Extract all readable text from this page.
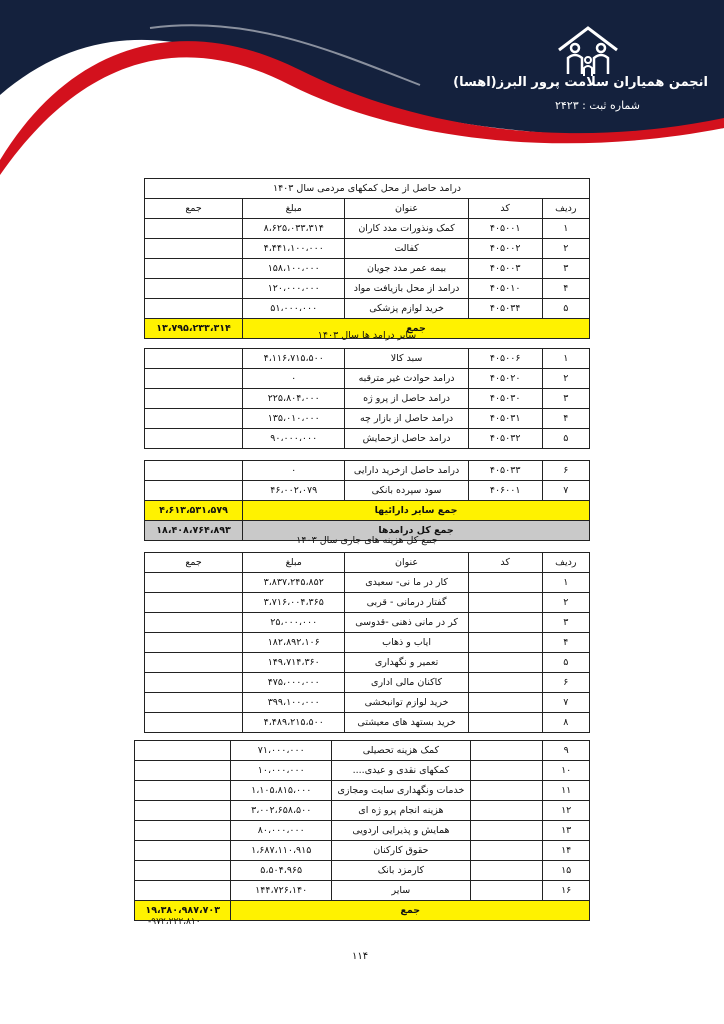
انجمن همیاران سلامت پرور البرز(اهسا)
شماره ثبت : ۲۴۲۳
درامد حاصل از محل کمکهای مردمی سال ۱۴۰۳				
ردیف	کد	عنوان	مبلغ	جمع
۱	۴۰۵۰۰۱	کمک ونذورات مدد کاران	۸،۶۲۵،۰۳۳،۳۱۴	
۲	۴۰۵۰۰۲	کفالت	۴،۴۴۱،۱۰۰،۰۰۰	
۳	۴۰۵۰۰۳	بیمه عمر مدد جویان	۱۵۸،۱۰۰،۰۰۰	
۴	۴۰۵۰۱۰	درامد از محل بازیافت مواد	۱۲۰،۰۰۰،۰۰۰	
۵	۴۰۵۰۳۴	خرید لوازم پزشکی	۵۱،۰۰۰،۰۰۰	
جمع				۱۳،۷۹۵،۲۳۳،۳۱۴
سایر درامد ها سال ۱۴۰۳
۱	۴۰۵۰۰۶	سبد کالا	۴،۱۱۶،۷۱۵،۵۰۰	
۲	۴۰۵۰۲۰	درامد حوادث غیر مترقبه	۰	
۳	۴۰۵۰۳۰	درامد حاصل از پرو ژه	۲۲۵،۸۰۴،۰۰۰	
۴	۴۰۵۰۳۱	درامد حاصل از بازار چه	۱۳۵،۰۱۰،۰۰۰	
۵	۴۰۵۰۳۲	درامد حاصل ازحمایش	۹۰،۰۰۰،۰۰۰	
۶	۴۰۵۰۳۳	درامد حاصل ازخرید دارایی	۰	
۷	۴۰۶۰۰۱	سود سپرده بانکی	۴۶،۰۰۲،۰۷۹	
جمع سایر دارائیها				۴،۶۱۳،۵۳۱،۵۷۹
جمع کل درامدها				۱۸،۴۰۸،۷۶۴،۸۹۳
جمع کل هزینه های جاری سال ۱۴۰۳
ردیف	کد	عنوان	مبلغ	جمع
۱		کار در ما نی- سعیدی	۳،۸۳۷،۲۴۵،۸۵۲	
۲		گفتار درمانی - قربی	۳،۷۱۶،۰۰۴،۳۶۵	
۳		کر در مانی ذهنی -قدوسی	۲۵،۰۰۰،۰۰۰	
۴		ایاب و ذهاب	۱۸۲،۸۹۲،۱۰۶	
۵		تعمیر و نگهداری	۱۴۹،۷۱۴،۳۶۰	
۶		کاکنان مالی اداری	۴۷۵،۰۰۰،۰۰۰	
۷		خرید لوازم توانبخشی	۳۹۹،۱۰۰،۰۰۰	
۸		خرید بستهد های معیشتی	۴،۴۸۹،۲۱۵،۵۰۰	
۹		کمک هزینه تحصیلی	۷۱،۰۰۰،۰۰۰	
۱۰		کمکهای نقدی و عیدی....	۱۰،۰۰۰،۰۰۰	
۱۱		خدمات ونگهداری سایت ومجازی	۱،۱۰۵،۸۱۵،۰۰۰	
۱۲		هزینه انجام پرو ژه ای	۳،۰۰۲،۶۵۸،۵۰۰	
۱۳		همایش و پذیرایی اردویی	۸۰،۰۰۰،۰۰۰	
۱۴		حقوق کارکنان	۱،۶۸۷،۱۱۰،۹۱۵	
۱۵		کارمزد بانک	۵،۵۰۴،۹۶۵	
۱۶		سایر	۱۴۴،۷۲۶،۱۴۰	
جمع				۱۹،۳۸۰،۹۸۷،۷۰۳
-۹۷۲،۲۲۲،۸۱۰
۱۱۴
